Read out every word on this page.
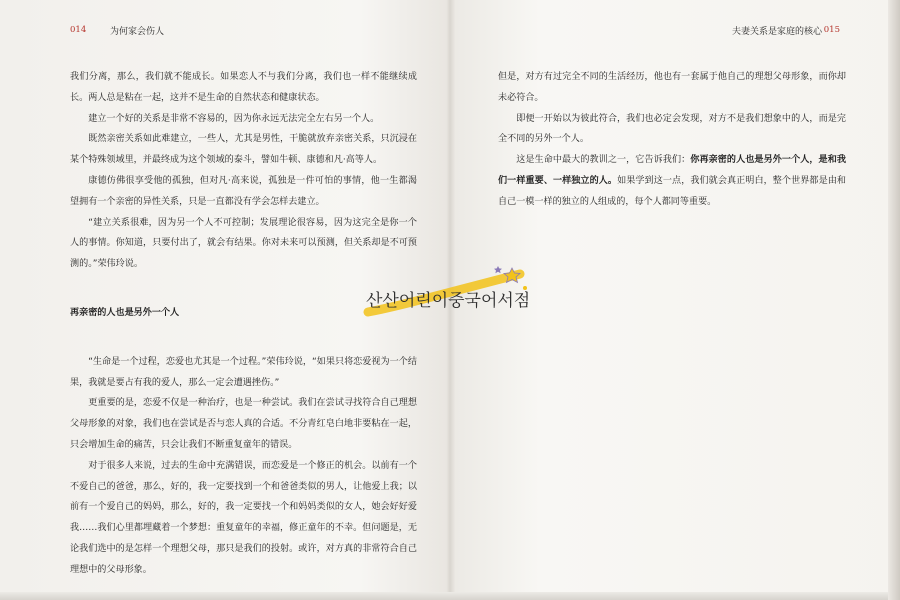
014	为何家会伤人

我们分离，那么，我们就不能成长。如果恋人不与我们分离，我们也一样不能继续成长。两人总是粘在一起，这并不是生命的自然状态和健康状态。

建立一个好的关系是非常不容易的，因为你永远无法完全左右另一个人。

既然亲密关系如此难建立，一些人，尤其是男性，干脆就放弃亲密关系，只沉浸在某个特殊领域里，并最终成为这个领域的泰斗，譬如牛顿、康德和凡·高等人。

康德仿佛很享受他的孤独，但对凡·高来说，孤独是一件可怕的事情，他一生都渴望拥有一个亲密的异性关系，只是一直都没有学会怎样去建立。

“建立关系很难，因为另一个人不可控制；发展理论很容易，因为这完全是你一个人的事情。你知道，只要付出了，就会有结果。你对未来可以预测，但关系却是不可预测的。”荣伟玲说。

再亲密的人也是另外一个人

“生命是一个过程，恋爱也尤其是一个过程。”荣伟玲说，“如果只将恋爱视为一个结果，我就是要占有我的爱人，那么一定会遭遇挫伤。”

更重要的是，恋爱不仅是一种治疗，也是一种尝试。我们在尝试寻找符合自己理想父母形象的对象，我们也在尝试是否与恋人真的合适。不分青红皂白地非要粘在一起，只会增加生命的痛苦，只会让我们不断重复童年的错误。

对于很多人来说，过去的生命中充满错误，而恋爱是一个修正的机会。以前有一个不爱自己的爸爸，那么，好的，我一定要找到一个和爸爸类似的男人，让他爱上我；以前有一个爱自己的妈妈，那么，好的，我一定要找一个和妈妈类似的女人，她会好好爱我……我们心里都埋藏着一个梦想：重复童年的幸福，修正童年的不幸。但问题是，无论我们选中的是怎样一个理想父母，那只是我们的投射。或许，对方真的非常符合自己理想中的父母形象。

夫妻关系是家庭的核心 015

但是，对方有过完全不同的生活经历，他也有一套属于他自己的理想父母形象，而你却未必符合。

即便一开始以为彼此符合，我们也必定会发现，对方不是我们想象中的人，而是完全不同的另外一个人。

这是生命中最大的教训之一，它告诉我们：你再亲密的人也是另外一个人，是和我们一样重要、一样独立的人。如果学到这一点，我们就会真正明白，整个世界都是由和自己一模一样的独立的人组成的，每个人都同等重要。

산산어린이중국어서점
